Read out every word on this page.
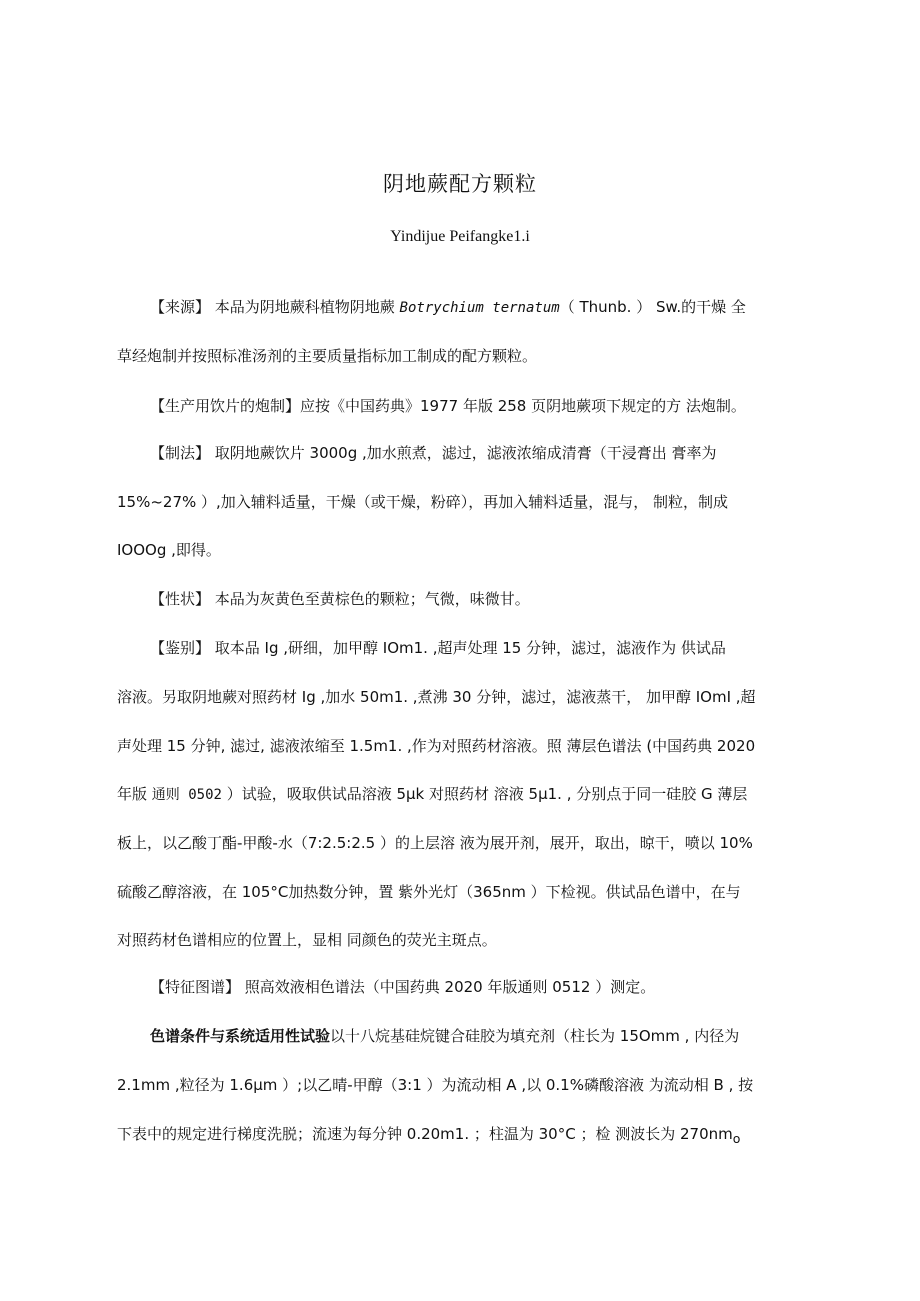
阴地蕨配方颗粒
Yindijue Peifangke1.i
【来源】 本品为阴地蕨科植物阴地蕨 Botrychium ternatum（ Thunb. ） Sw.的干燥 全
草经炮制并按照标准汤剂的主要质量指标加工制成的配方颗粒。
【生产用饮片的炮制】应按《中国药典》1977 年版 258 页阴地蕨项下规定的方 法炮制。
【制法】 取阴地蕨饮片 3000g ,加水煎煮，滤过，滤液浓缩成清膏（干浸膏出 膏率为
15%~27% ）,加入辅料适量，干燥（或干燥，粉碎），再加入辅料适量，混与， 制粒，制成
IOOOg ,即得。
【性状】 本品为灰黄色至黄棕色的颗粒；气微，味微甘。
【鉴别】 取本品 Ig ,研细，加甲醇 IOm1. ,超声处理 15 分钟，滤过，滤液作为 供试品
溶液。另取阴地蕨对照药材 Ig ,加水 50m1. ,煮沸 30 分钟，滤过，滤液蒸干， 加甲醇 IOmI ,超
声处理 15 分钟, 滤过, 滤液浓缩至 1.5m1. ,作为对照药材溶液。照 薄层色谱法 (中国药典 2020
年版 通则 0502 ）试验，吸取供试品溶液 5μk 对照药材 溶液 5μ1. , 分别点于同一硅胶 G 薄层
板上，以乙酸丁酯-甲酸-水（7:2.5:2.5 ）的上层溶 液为展开剂，展开，取出，晾干，喷以 10%
硫酸乙醇溶液，在 105°C加热数分钟，置 紫外光灯（365nm ）下检视。供试品色谱中，在与
对照药材色谱相应的位置上，显相 同颜色的荧光主斑点。
【特征图谱】 照高效液相色谱法（中国药典 2020 年版通则 0512 ）测定。
色谱条件与系统适用性试验以十八烷基硅烷键合硅胶为填充剂（柱长为 15Omm , 内径为
2.1mm ,粒径为 1.6μm ）;以乙晴-甲醇（3:1 ）为流动相 A ,以 0.1%磷酸溶液 为流动相 B , 按
下表中的规定进行梯度洗脱；流速为每分钟 0.20m1. ；柱温为 30°C ；检 测波长为 $270nm_o$
